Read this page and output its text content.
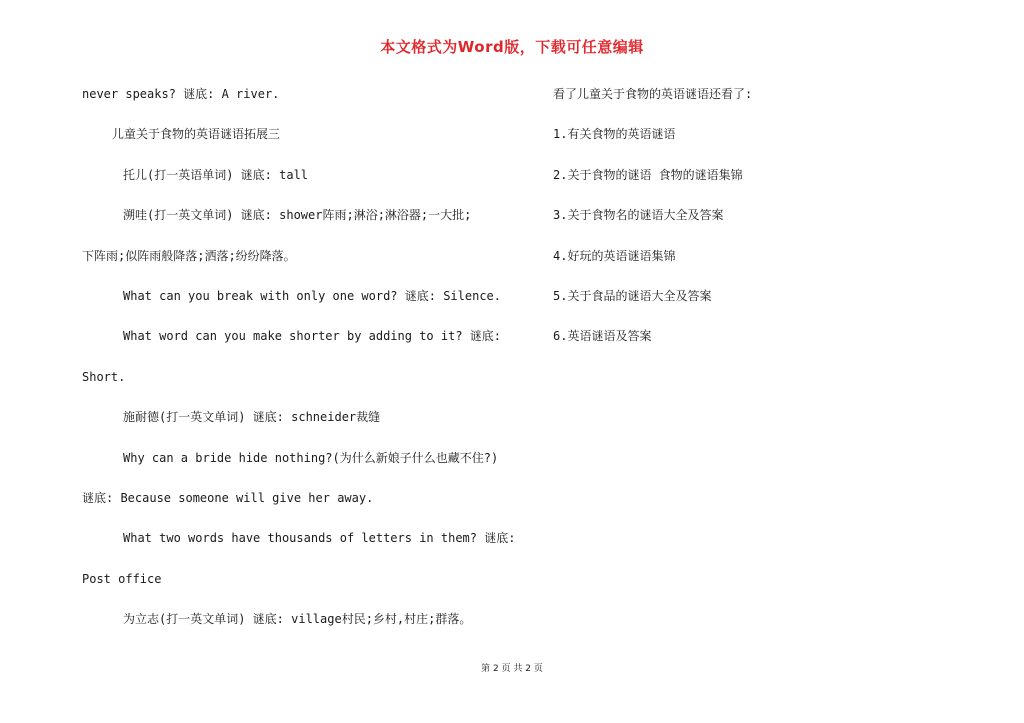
本文格式为Word版，下载可任意编辑
never speaks? 谜底: A river.
儿童关于食物的英语谜语拓展三
托儿(打一英语单词) 谜底: tall
溯哇(打一英文单词) 谜底: shower阵雨;淋浴;淋浴器;一大批;
下阵雨;似阵雨般降落;洒落;纷纷降落。
What can you break with only one word? 谜底: Silence.
What word can you make shorter by adding to it? 谜底:
Short.
施耐德(打一英文单词) 谜底: schneider裁缝
Why can a bride hide nothing?(为什么新娘子什么也藏不住?)
谜底: Because someone will give her away.
What two words have thousands of letters in them? 谜底:
Post office
为立志(打一英文单词) 谜底: village村民;乡村,村庄;群落。
看了儿童关于食物的英语谜语还看了:
1.有关食物的英语谜语
2.关于食物的谜语 食物的谜语集锦
3.关于食物名的谜语大全及答案
4.好玩的英语谜语集锦
5.关于食品的谜语大全及答案
6.英语谜语及答案
第 2 页 共 2 页
